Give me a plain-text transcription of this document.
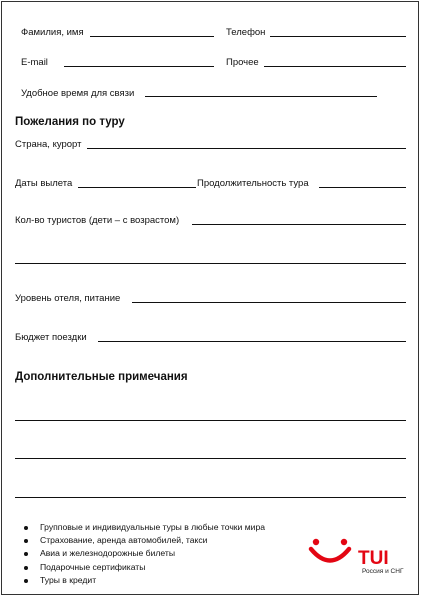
Фамилия, имя	Телефон
E-mail	Прочее
Удобное время для связи
Пожелания по туру
Страна, курорт
Даты вылета	Продолжительность тура
Кол-во туристов (дети – с возрастом)
Уровень отеля, питание
Бюджет поездки
Дополнительные примечания
Групповые и индивидуальные туры в любые точки мира
Страхование, аренда автомобилей, такси
Авиа и железнодорожные билеты
Подарочные сертификаты
Туры в кредит
TUI
Россия и СНГ
